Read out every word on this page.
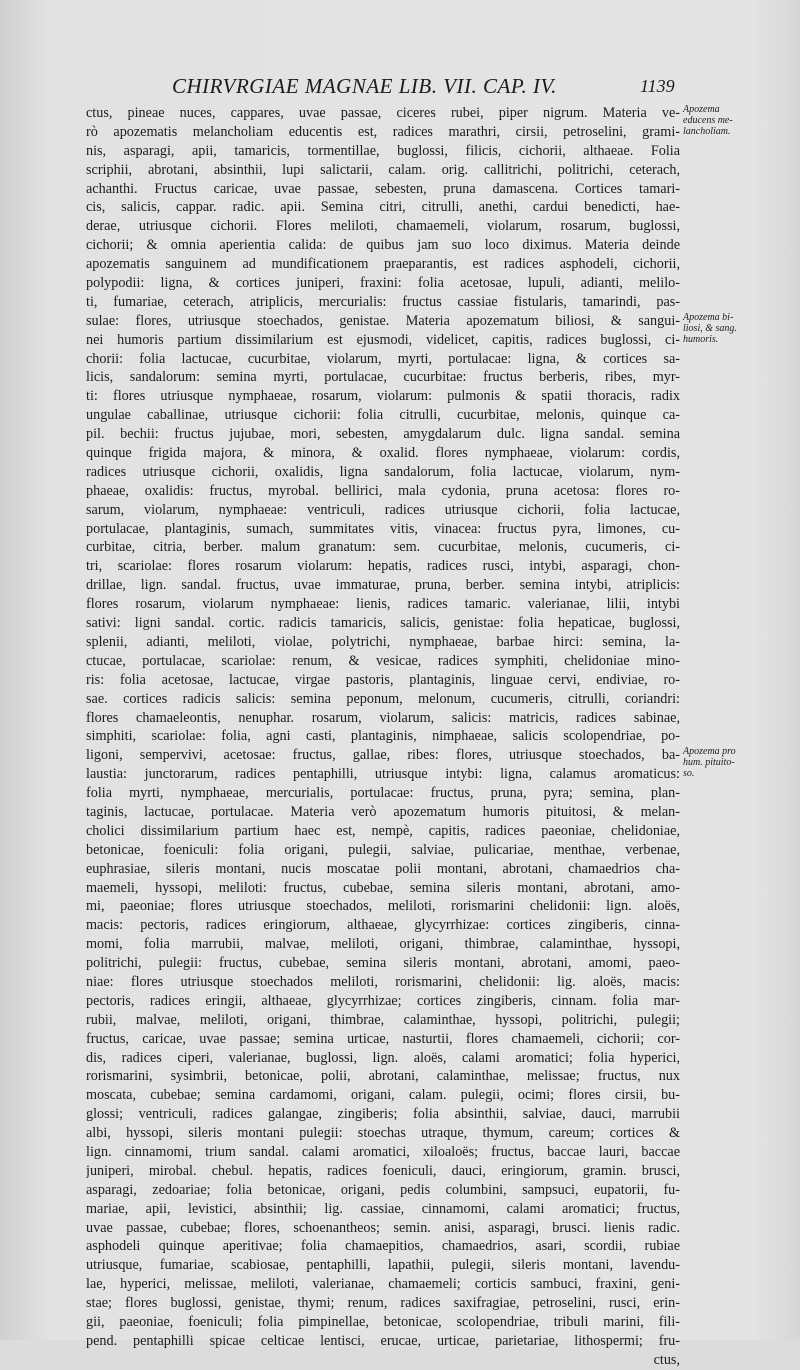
CHIRVRGIAE MAGNAE LIB. VII. CAP. IV.	1139
Apozema
educens me-
lancholiam.
Apozema bi-
liosi, & sang.
humoris.
Apozema pro
hum. pituito-
so.
ctus, pineae nuces, cappares, uvae passae, ciceres rubei, piper nigrum. Materia ve-
rò apozematis melancholiam educentis est, radices marathri, cirsii, petroselini, grami-
nis, asparagi, apii, tamaricis, tormentillae, buglossi, filicis, cichorii, althaeae. Folia
scriphii, abrotani, absinthii, lupi salictarii, calam. orig. callitrichi, politrichi, ceterach,
achanthi. Fructus caricae, uvae passae, sebesten, pruna damascena. Cortices tamari-
cis, salicis, cappar. radic. apii. Semina citri, citrulli, anethi, cardui benedicti, hae-
derae, utriusque cichorii. Flores meliloti, chamaemeli, violarum, rosarum, buglossi,
cichorii; & omnia aperientia calida: de quibus jam suo loco diximus. Materia deinde
apozematis sanguinem ad mundificationem praeparantis, est radices asphodeli, cichorii,
polypodii: ligna, & cortices juniperi, fraxini: folia acetosae, lupuli, adianti, melilo-
ti, fumariae, ceterach, atriplicis, mercurialis: fructus cassiae fistularis, tamarindi, pas-
sulae: flores, utriusque stoechados, genistae. Materia apozematum biliosi, & sangui-
nei humoris partium dissimilarium est ejusmodi, videlicet, capitis, radices buglossi, ci-
chorii: folia lactucae, cucurbitae, violarum, myrti, portulacae: ligna, & cortices sa-
licis, sandalorum: semina myrti, portulacae, cucurbitae: fructus berberis, ribes, myr-
ti: flores utriusque nymphaeae, rosarum, violarum: pulmonis & spatii thoracis, radix
ungulae caballinae, utriusque cichorii: folia citrulli, cucurbitae, melonis, quinque ca-
pil. bechii: fructus jujubae, mori, sebesten, amygdalarum dulc. ligna sandal. semina
quinque frigida majora, & minora, & oxalid. flores nymphaeae, violarum: cordis,
radices utriusque cichorii, oxalidis, ligna sandalorum, folia lactucae, violarum, nym-
phaeae, oxalidis: fructus, myrobal. bellirici, mala cydonia, pruna acetosa: flores ro-
sarum, violarum, nymphaeae: ventriculi, radices utriusque cichorii, folia lactucae,
portulacae, plantaginis, sumach, summitates vitis, vinacea: fructus pyra, limones, cu-
curbitae, citria, berber. malum granatum: sem. cucurbitae, melonis, cucumeris, ci-
tri, scariolae: flores rosarum violarum: hepatis, radices rusci, intybi, asparagi, chon-
drillae, lign. sandal. fructus, uvae immaturae, pruna, berber. semina intybi, atriplicis:
flores rosarum, violarum nymphaeae: lienis, radices tamaric. valerianae, lilii, intybi
sativi: ligni sandal. cortic. radicis tamaricis, salicis, genistae: folia hepaticae, buglossi,
splenii, adianti, meliloti, violae, polytrichi, nymphaeae, barbae hirci: semina, la-
ctucae, portulacae, scariolae: renum, & vesicae, radices symphiti, chelidoniae mino-
ris: folia acetosae, lactucae, virgae pastoris, plantaginis, linguae cervi, endiviae, ro-
sae. cortices radicis salicis: semina peponum, melonum, cucumeris, citrulli, coriandri:
flores chamaeleontis, nenuphar. rosarum, violarum, salicis: matricis, radices sabinae,
simphiti, scariolae: folia, agni casti, plantaginis, nimphaeae, salicis scolopendriae, po-
ligoni, sempervivi, acetosae: fructus, gallae, ribes: flores, utriusque stoechados, ba-
laustia: junctorarum, radices pentaphilli, utriusque intybi: ligna, calamus aromaticus:
folia myrti, nymphaeae, mercurialis, portulacae: fructus, pruna, pyra; semina, plan-
taginis, lactucae, portulacae. Materia verò apozematum humoris pituitosi, & melan-
cholici dissimilarium partium haec est, nempè, capitis, radices paeoniae, chelidoniae,
betonicae, foeniculi: folia origani, pulegii, salviae, pulicariae, menthae, verbenae,
euphrasiae, sileris montani, nucis moscatae polii montani, abrotani, chamaedrios cha-
maemeli, hyssopi, meliloti: fructus, cubebae, semina sileris montani, abrotani, amo-
mi, paeoniae; flores utriusque stoechados, meliloti, rorismarini chelidonii: lign. aloës,
macis: pectoris, radices eringiorum, althaeae, glycyrrhizae: cortices zingiberis, cinna-
momi, folia marrubii, malvae, meliloti, origani, thimbrae, calaminthae, hyssopi,
politrichi, pulegii: fructus, cubebae, semina sileris montani, abrotani, amomi, paeo-
niae: flores utriusque stoechados meliloti, rorismarini, chelidonii: lig. aloës, macis:
pectoris, radices eringii, althaeae, glycyrrhizae; cortices zingiberis, cinnam. folia mar-
rubii, malvae, meliloti, origani, thimbrae, calaminthae, hyssopi, politrichi, pulegii;
fructus, caricae, uvae passae; semina urticae, nasturtii, flores chamaemeli, cichorii; cor-
dis, radices ciperi, valerianae, buglossi, lign. aloës, calami aromatici; folia hyperici,
rorismarini, sysimbrii, betonicae, polii, abrotani, calaminthae, melissae; fructus, nux
moscata, cubebae; semina cardamomi, origani, calam. pulegii, ocimi; flores cirsii, bu-
glossi; ventriculi, radices galangae, zingiberis; folia absinthii, salviae, dauci, marrubii
albi, hyssopi, sileris montani pulegii: stoechas utraque, thymum, careum; cortices &
lign. cinnamomi, trium sandal. calami aromatici, xiloaloës; fructus, baccae lauri, baccae
juniperi, mirobal. chebul. hepatis, radices foeniculi, dauci, eringiorum, gramin. brusci,
asparagi, zedoariae; folia betonicae, origani, pedis columbini, sampsuci, eupatorii, fu-
mariae, apii, levistici, absinthii; lig. cassiae, cinnamomi, calami aromatici; fructus,
uvae passae, cubebae; flores, schoenantheos; semin. anisi, asparagi, brusci. lienis radic.
asphodeli quinque aperitivae; folia chamaepitios, chamaedrios, asari, scordii, rubiae
utriusque, fumariae, scabiosae, pentaphilli, lapathii, pulegii, sileris montani, lavendu-
lae, hyperici, melissae, meliloti, valerianae, chamaemeli; corticis sambuci, fraxini, geni-
stae; flores buglossi, genistae, thymi; renum, radices saxifragiae, petroselini, rusci, erin-
gii, paeoniae, foeniculi; folia pimpinellae, betonicae, scolopendriae, tribuli marini, fili-
pend. pentaphilli spicae celticae lentisci, erucae, urticae, parietariae, lithospermi; fru-
ctus,
